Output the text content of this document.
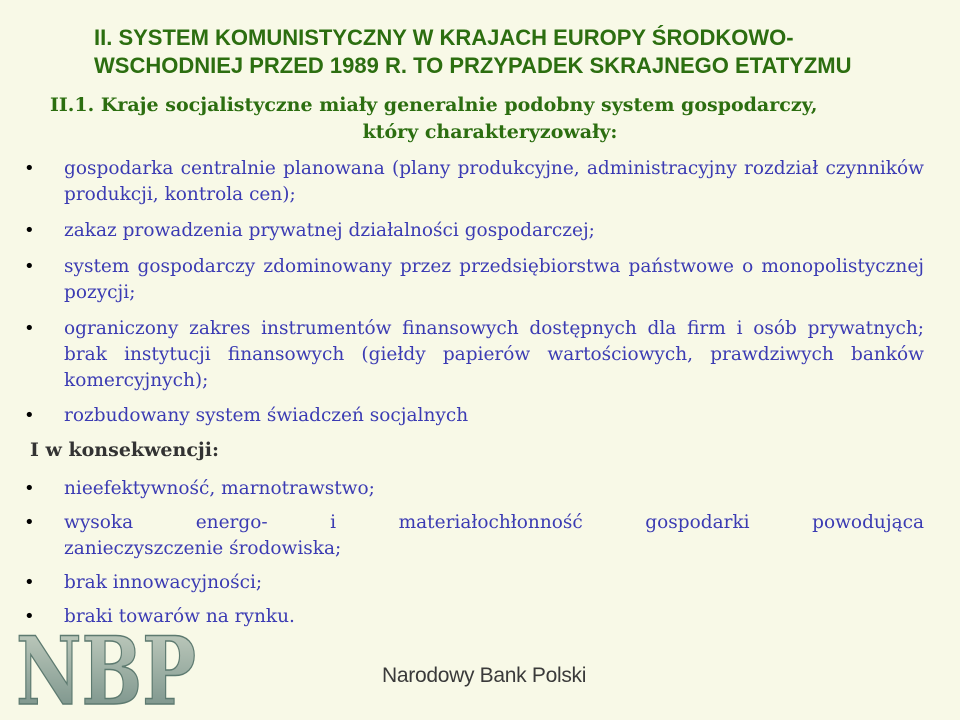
II. SYSTEM KOMUNISTYCZNY W KRAJACH EUROPY ŚRODKOWO-WSCHODNIEJ PRZED 1989 R. TO PRZYPADEK SKRAJNEGO ETATYZMU
II.1. Kraje socjalistyczne miały generalnie podobny system gospodarczy,
który charakteryzowały:
•	gospodarka centralnie planowana (plany produkcyjne, administracyjny rozdział czynników produkcji, kontrola cen);
•	zakaz prowadzenia prywatnej działalności gospodarczej;
•	system gospodarczy zdominowany przez przedsiębiorstwa państwowe o monopolistycznej pozycji;
•	ograniczony zakres instrumentów finansowych dostępnych dla firm i osób prywatnych; brak instytucji finansowych (giełdy papierów wartościowych, prawdziwych banków komercyjnych);
•	rozbudowany system świadczeń socjalnych
I w konsekwencji:
•	nieefektywność, marnotrawstwo;
•	wysoka energo- i materiałochłonność gospodarki powodująca
zanieczyszczenie środowiska;
•	brak innowacyjności;
•	braki towarów na rynku.
NBP	Narodowy Bank Polski
